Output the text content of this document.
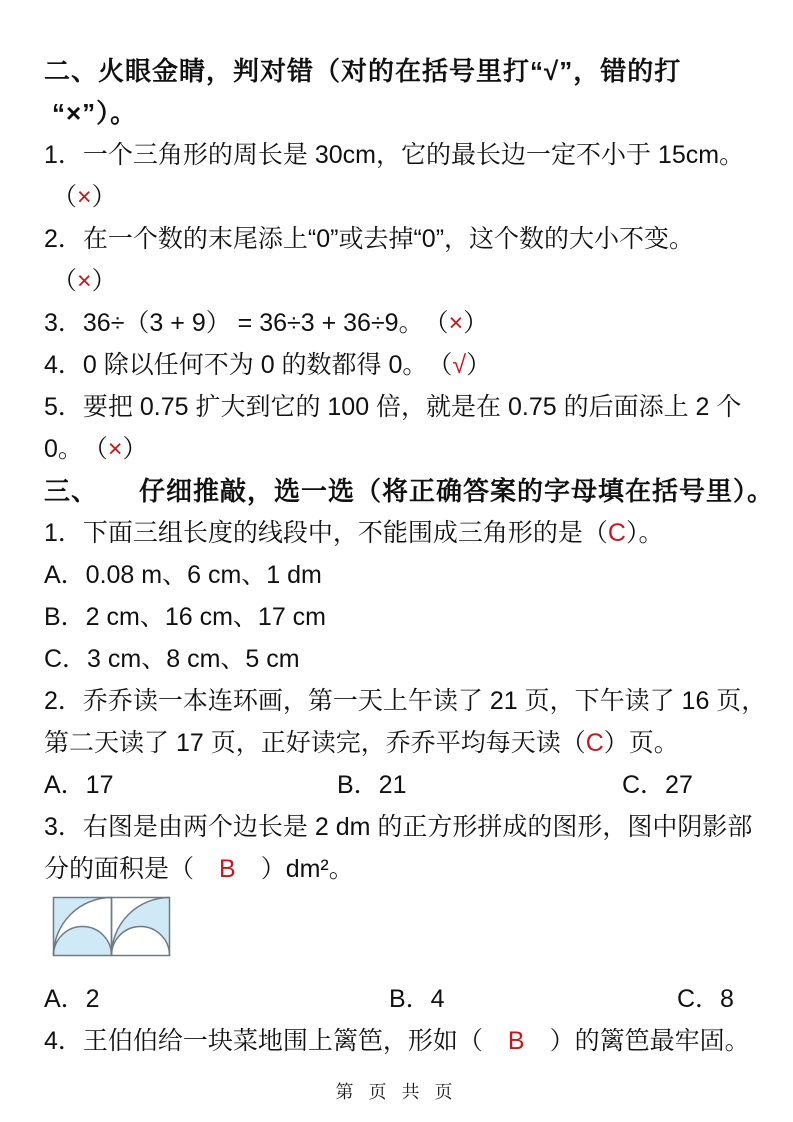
二、火眼金睛，判对错（对的在括号里打“√”，错的打
“×”）。
1．一个三角形的周长是 30cm，它的最长边一定不小于 15cm。
（×）
2．在一个数的末尾添上“0”或去掉“0”，这个数的大小不变。
（×）
3．36÷（3 + 9） = 36÷3 + 36÷9。　（×）
4．0 除以任何不为 0 的数都得 0。　（√）
5．要把 0.75 扩大到它的 100 倍，就是在 0.75 的后面添上 2 个
0。　（×）
三、　　仔细推敲，选一选（将正确答案的字母填在括号里）。
1．下面三组长度的线段中，不能围成三角形的是（C）。
A．0.08 m、6 cm、1 dm
B．2 cm、16 cm、17 cm
C．3 cm、8 cm、5 cm
2．乔乔读一本连环画，第一天上午读了 21 页，下午读了 16 页，
第二天读了 17 页，正好读完，乔乔平均每天读（C）页。
A．17	B．21	C．27
3．右图是由两个边长是 2 dm 的正方形拼成的图形，图中阴影部
分的面积是（　B　）dm²。
A．2	B．4	C．8
4．王伯伯给一块菜地围上篱笆，形如（　B　）的篱笆最牢固。
第 页 共 页
